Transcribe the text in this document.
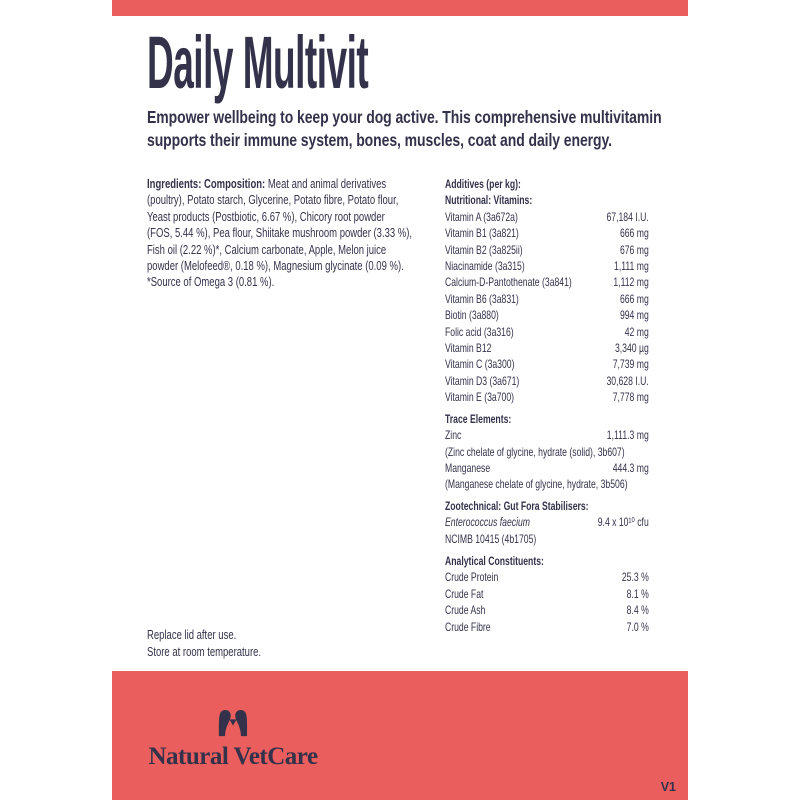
Daily Multivit
Empower wellbeing to keep your dog active. This comprehensive multivitamin
supports their immune system, bones, muscles, coat and daily energy.
Ingredients: Composition: Meat and animal derivatives
(poultry), Potato starch, Glycerine, Potato fibre, Potato flour,
Yeast products (Postbiotic, 6.67 %), Chicory root powder
(FOS, 5.44 %), Pea flour, Shiitake mushroom powder (3.33 %),
Fish oil (2.22 %)*, Calcium carbonate, Apple, Melon juice
powder (Melofeed®, 0.18 %), Magnesium glycinate (0.09 %).
*Source of Omega 3 (0.81 %).
Replace lid after use.
Store at room temperature.
Additives (per kg):
Nutritional: Vitamins:
Vitamin A (3a672a)	67,184 I.U.
Vitamin B1 (3a821)	666 mg
Vitamin B2 (3a825ii)	676 mg
Niacinamide (3a315)	1,111 mg
Calcium-D-Pantothenate (3a841)	1,112 mg
Vitamin B6 (3a831)	666 mg
Biotin (3a880)	994 mg
Folic acid (3a316)	42 mg
Vitamin B12	3,340 µg
Vitamin C (3a300)	7,739 mg
Vitamin D3 (3a671)	30,628 I.U.
Vitamin E (3a700)	7,778 mg
Trace Elements:
Zinc	1,111.3 mg
(Zinc chelate of glycine, hydrate (solid), 3b607)
Manganese	444.3 mg
(Manganese chelate of glycine, hydrate, 3b506)
Zootechnical: Gut Fora Stabilisers:
Enterococcus faecium	9.4 x 10¹⁰ cfu
NCIMB 10415 (4b1705)
Analytical Constituents:
Crude Protein	25.3 %
Crude Fat	8.1 %
Crude Ash	8.4 %
Crude Fibre	7.0 %
Natural VetCare
V1
